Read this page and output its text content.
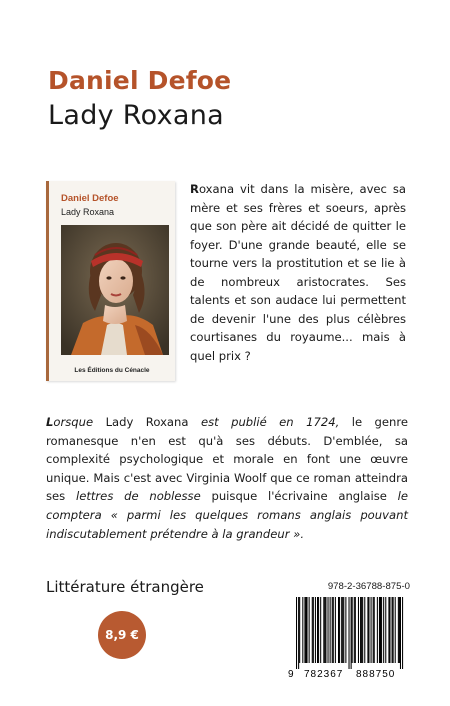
Daniel Defoe
Lady Roxana
Daniel Defoe
Lady Roxana
Les Éditions du Cénacle
Roxana vit dans la misère, avec sa mère et ses frères et soeurs, après que son père ait décidé de quitter le foyer. D'une grande beauté, elle se tourne vers la prostitution et se lie à de nombreux aristocrates. Ses talents et son audace lui permettent de devenir l'une des plus célèbres courtisanes du royaume... mais à quel prix ?
Lorsque Lady Roxana est publié en 1724, le genre romanesque n'en est qu'à ses débuts. D'emblée, sa complexité psychologique et morale en font une œuvre unique. Mais c'est avec Virginia Woolf que ce roman atteindra ses lettres de noblesse puisque l'écrivaine anglaise le comptera « parmi les quelques romans anglais pouvant indiscutablement prétendre à la grandeur ».
Littérature étrangère
8,9 €
978-2-36788-875-0
9 782367 888750
